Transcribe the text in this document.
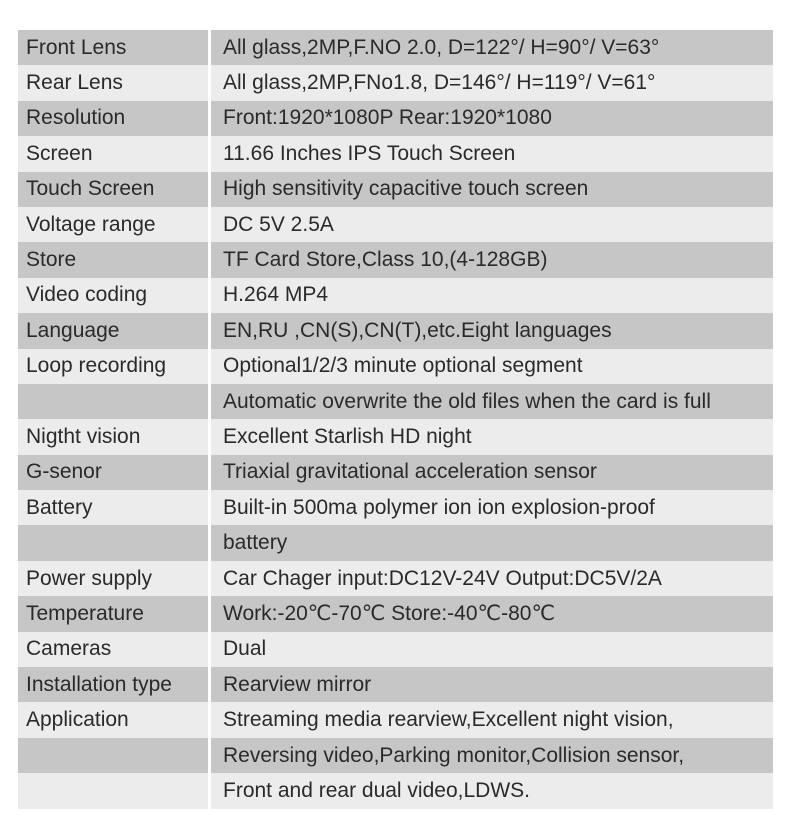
Front Lens	All glass,2MP,F.NO 2.0, D=122°/ H=90°/ V=63°
Rear Lens	All glass,2MP,FNo1.8, D=146°/ H=119°/ V=61°
Resolution	Front:1920*1080P Rear:1920*1080
Screen	11.66 Inches IPS Touch Screen
Touch Screen	High sensitivity capacitive touch screen
Voltage range	DC 5V 2.5A
Store	TF Card Store,Class 10,(4-128GB)
Video coding	H.264 MP4
Language	EN,RU ,CN(S),CN(T),etc.Eight languages
Loop recording	Optional1/2/3 minute optional segment
Automatic overwrite the old files when the card is full
Nigtht vision	Excellent Starlish HD night
G-senor	Triaxial gravitational acceleration sensor
Battery	Built-in 500ma polymer ion ion explosion-proof
battery
Power supply	Car Chager input:DC12V-24V Output:DC5V/2A
Temperature	Work:-20℃-70℃ Store:-40℃-80℃
Cameras	Dual
Installation type	Rearview mirror
Application	Streaming media rearview,Excellent night vision,
Reversing video,Parking monitor,Collision sensor,
Front and rear dual video,LDWS.
